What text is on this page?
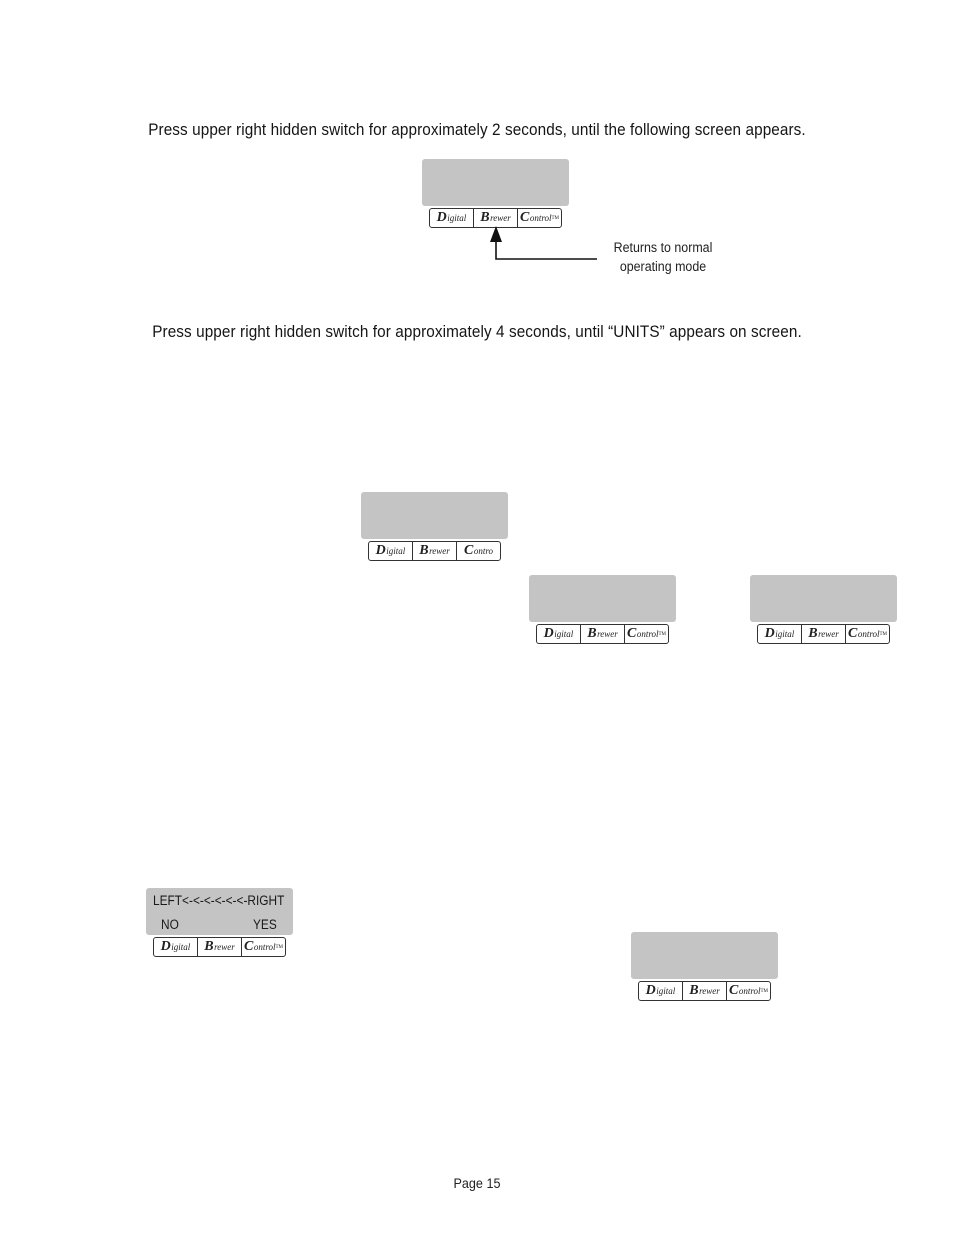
Press upper right hidden switch for approximately 2 seconds, until the following screen appears.
D igital B rewer C ontrol TM
Returns to normal
operating mode
Press upper right hidden switch for approximately 4 seconds, until “UNITS” appears on screen.
D igital B rewer C ontro
D igital B rewer C ontrol TM	D igital B rewer C ontrol TM
LEFT<-<-<-<-<-<-RIGHT
NO	YES
D igital B rewer C ontrol TM
D igital B rewer C ontrol TM
Page 15
